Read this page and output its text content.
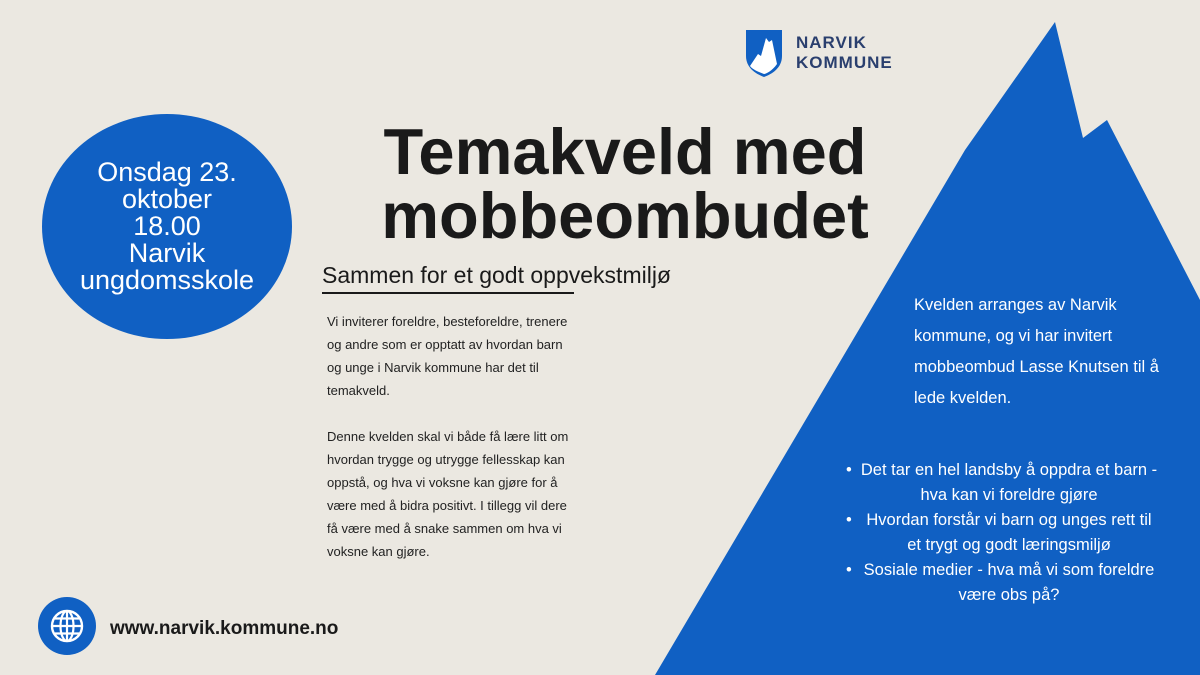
NARVIK
KOMMUNE
Onsdag 23.
oktober
18.00
Narvik
ungdomsskole
Temakveld med
mobbeombudet
Sammen for et godt oppvekstmiljø

Vi inviterer foreldre, besteforeldre, trenere og andre som er opptatt av hvordan barn og unge i Narvik kommune har det til temakveld.

Denne kvelden skal vi både få lære litt om hvordan trygge og utrygge fellesskap kan oppstå, og hva vi voksne kan gjøre for å være med å bidra positivt. I tillegg vil dere få være med å snake sammen om hva vi voksne kan gjøre.

Kvelden arranges av Narvik kommune, og vi har invitert mobbeombud Lasse Knutsen til å lede kvelden.
• Det tar en hel landsby å oppdra et barn - hva kan vi foreldre gjøre
• Hvordan forstår vi barn og unges rett til et trygt og godt læringsmiljø
• Sosiale medier - hva må vi som foreldre være obs på?
www.narvik.kommune.no
